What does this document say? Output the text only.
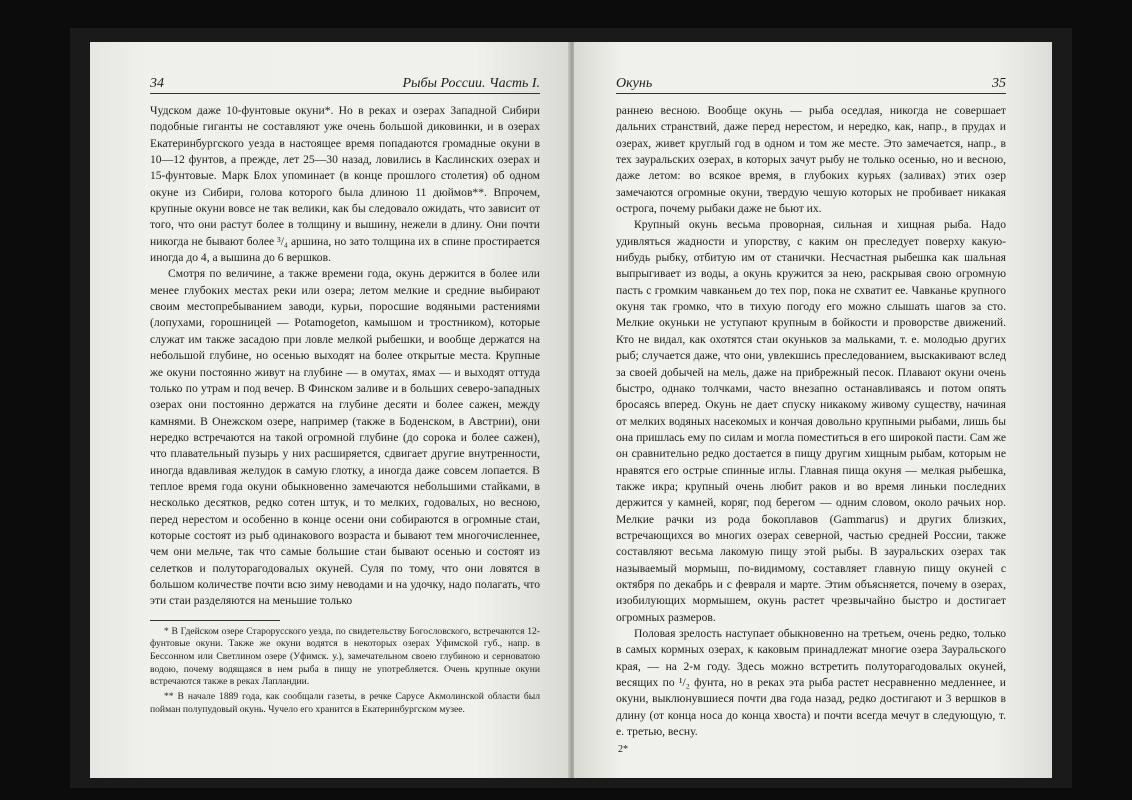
34	Рыбы России. Часть I.

Чудском даже 10-фунтовые окуни*. Но в реках и озерах Западной Сибири подобные гиганты не составляют уже очень большой диковинки, и в озерах Екатеринбургского уезда в настоящее время попадаются громадные окуни в 10—12 фунтов, а прежде, лет 25—30 назад, ловились в Каслинских озерах и 15-фунтовые. Марк Блох упоминает (в конце прошлого столетия) об одном окуне из Сибири, голова которого была длиною 11 дюймов**. Впрочем, крупные окуни вовсе не так велики, как бы следовало ожидать, что зависит от того, что они растут более в толщину и вышину, нежели в длину. Они почти никогда не бывают более ³/₄ аршина, но зато толщина их в спине простирается иногда до 4, а вышина до 6 вершков.

Смотря по величине, а также времени года, окунь держится в более или менее глубоких местах реки или озера; летом мелкие и средние выбирают своим местопребыванием заводи, курьи, поросшие водяными растениями (лопухами, горошницей — Potamogeton, камышом и тростником), которые служат им также засадою при ловле мелкой рыбешки, и вообще держатся на небольшой глубине, но осенью выходят на более открытые места. Крупные же окуни постоянно живут на глубине — в омутах, ямах — и выходят оттуда только по утрам и под вечер. В Финском заливе и в больших северо-западных озерах они постоянно держатся на глубине десяти и более сажен, между камнями. В Онежском озере, например (также в Боденском, в Австрии), они нередко встречаются на такой огромной глубине (до сорока и более сажен), что плавательный пузырь у них расширяется, сдвигает другие внутренности, иногда вдавливая желудок в самую глотку, а иногда даже совсем лопается. В теплое время года окуни обыкновенно замечаются небольшими стайками, в несколько десятков, редко сотен штук, и то мелких, годовалых, но весною, перед нерестом и особенно в конце осени они собираются в огромные стаи, которые состоят из рыб одинакового возраста и бывают тем многочисленнее, чем они мельче, так что самые большие стаи бывают осенью и состоят из селетков и полуторагодовалых окуней. Суля по тому, что они ловятся в большом количестве почти всю зиму неводами и на удочку, надо полагать, что эти стаи разделяются на меньшие только

* В Гдейском озере Старорусского уезда, по свидетельству Богословского, встречаются 12-фунтовые окуни. Также же окуни водятся в некоторых озерах Уфимской губ., напр. в Бессонном или Светлином озере (Уфимск. у.), замечательном своею глубиною и серноватою водою, почему водящаяся в нем рыба в пищу не употребляется. Очень крупные окуни встречаются также в реках Лапландии.

** В начале 1889 года, как сообщали газеты, в речке Сарусе Акмолинской области был пойман полупудовый окунь. Чучело его хранится в Екатеринбургском музее.

Окунь	35

раннею весною. Вообще окунь — рыба оседлая, никогда не совершает дальних странствий, даже перед нерестом, и нередко, как, напр., в прудах и озерах, живет круглый год в одном и том же месте. Это замечается, напр., в тех зауральских озерах, в которых зачут рыбу не только осенью, но и весною, даже летом: во всякое время, в глубоких курьях (заливах) этих озер замечаются огромные окуни, твердую чешую которых не пробивает никакая острога, почему рыбаки даже не бьют их.

Крупный окунь весьма проворная, сильная и хищная рыба. Надо удивляться жадности и упорству, с каким он преследует поверху какую-нибудь рыбку, отбитую им от станички. Несчастная рыбешка как шальная выпрыгивает из воды, а окунь кружится за нею, раскрывая свою огромную пасть с громким чавканьем до тех пор, пока не схватит ее. Чавканье крупного окуня так громко, что в тихую погоду его можно слышать шагов за сто. Мелкие окуньки не уступают крупным в бойкости и проворстве движений. Кто не видал, как охотятся стаи окуньков за мальками, т. е. молодью других рыб; случается даже, что они, увлекшись преследованием, выскакивают вслед за своей добычей на мель, даже на прибрежный песок. Плавают окуни очень быстро, однако толчками, часто внезапно останавливаясь и потом опять бросаясь вперед. Окунь не дает спуску никакому живому существу, начиная от мелких водяных насекомых и кончая довольно крупными рыбами, лишь бы она пришлась ему по силам и могла поместиться в его широкой пасти. Сам же он сравнительно редко достается в пищу другим хищным рыбам, которым не нравятся его острые спинные иглы. Главная пища окуня — мелкая рыбешка, также икра; крупный очень любит раков и во время линьки последних держится у камней, коряг, под берегом — одним словом, около рачьих нор. Мелкие рачки из рода бокоплавов (Gammarus) и других близких, встречающихся во многих озерах северной, частью средней России, также составляют весьма лакомую пищу этой рыбы. В зауральских озерах так называемый мормыш, по-видимому, составляет главную пищу окуней с октября по декабрь и с февраля и марте. Этим объясняется, почему в озерах, изобилующих мормышем, окунь растет чрезвычайно быстро и достигает огромных размеров.

Половая зрелость наступает обыкновенно на третьем, очень редко, только в самых кормных озерах, к каковым принадлежат многие озера Зауральского края, — на 2-м году. Здесь можно встретить полуторагодовалых окуней, весящих по ¹/₂ фунта, но в реках эта рыба растет несравненно медленнее, и окуни, выклюнувшиеся почти два года назад, редко достигают и 3 вершков в длину (от конца носа до конца хвоста) и почти всегда мечут в следующую, т. е. третью, весну.

2*
